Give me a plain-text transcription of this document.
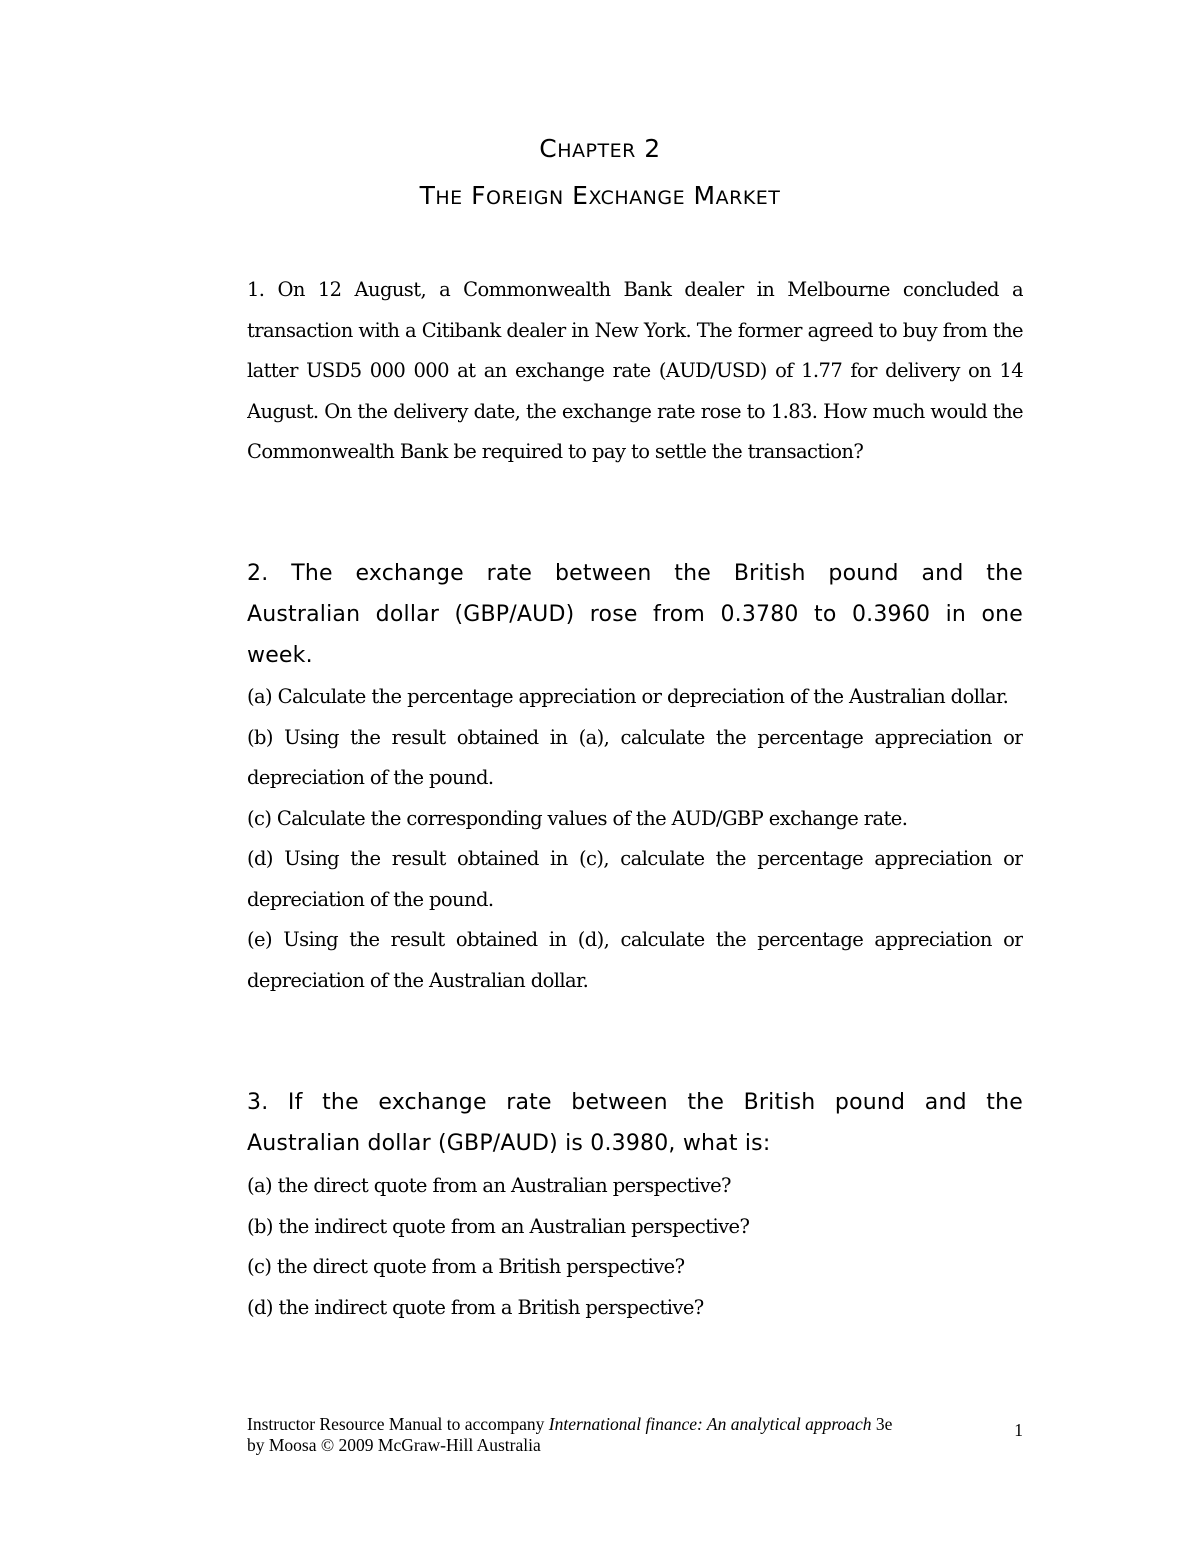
CHAPTER 2
THE FOREIGN EXCHANGE MARKET
1. On 12 August, a Commonwealth Bank dealer in Melbourne concluded a
transaction with a Citibank dealer in New York. The former agreed to buy from the
latter USD5 000 000 at an exchange rate (AUD/USD) of 1.77 for delivery on 14
August. On the delivery date, the exchange rate rose to 1.83. How much would the
Commonwealth Bank be required to pay to settle the transaction?
2. The exchange rate between the British pound and the
Australian dollar (GBP/AUD) rose from 0.3780 to 0.3960 in one
week.
(a) Calculate the percentage appreciation or depreciation of the Australian dollar.
(b) Using the result obtained in (a), calculate the percentage appreciation or
depreciation of the pound.
(c) Calculate the corresponding values of the AUD/GBP exchange rate.
(d) Using the result obtained in (c), calculate the percentage appreciation or
depreciation of the pound.
(e) Using the result obtained in (d), calculate the percentage appreciation or
depreciation of the Australian dollar.
3. If the exchange rate between the British pound and the
Australian dollar (GBP/AUD) is 0.3980, what is:
(a) the direct quote from an Australian perspective?
(b) the indirect quote from an Australian perspective?
(c) the direct quote from a British perspective?
(d) the indirect quote from a British perspective?
Instructor Resource Manual to accompany International finance: An analytical approach 3e
by Moosa © 2009 McGraw-Hill Australia
1
